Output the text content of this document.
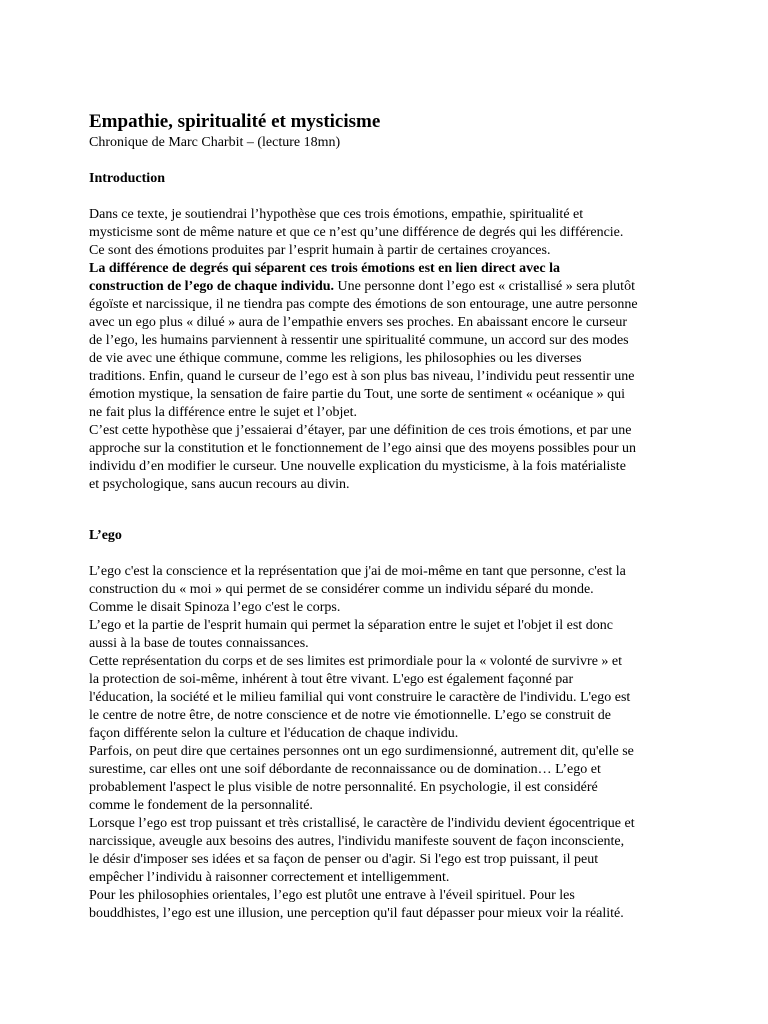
Empathie, spiritualité et mysticisme
Chronique de Marc Charbit – (lecture 18mn)
Introduction
Dans ce texte, je soutiendrai l’hypothèse que ces trois émotions, empathie, spiritualité et
mysticisme sont de même nature et que ce n’est qu’une différence de degrés qui les différencie.
Ce sont des émotions produites par l’esprit humain à partir de certaines croyances.
La différence de degrés qui séparent ces trois émotions est en lien direct avec la
construction de l’ego de chaque individu. Une personne dont l’ego est « cristallisé » sera plutôt
égoïste et narcissique, il ne tiendra pas compte des émotions de son entourage, une autre personne
avec un ego plus « dilué » aura de l’empathie envers ses proches. En abaissant encore le curseur
de l’ego, les humains parviennent à ressentir une spiritualité commune, un accord sur des modes
de vie avec une éthique commune, comme les religions, les philosophies ou les diverses
traditions. Enfin, quand le curseur de l’ego est à son plus bas niveau, l’individu peut ressentir une
émotion mystique, la sensation de faire partie du Tout, une sorte de sentiment « océanique » qui
ne fait plus la différence entre le sujet et l’objet.
C’est cette hypothèse que j’essaierai d’étayer, par une définition de ces trois émotions, et par une
approche sur la constitution et le fonctionnement de l’ego ainsi que des moyens possibles pour un
individu d’en modifier le curseur. Une nouvelle explication du mysticisme, à la fois matérialiste
et psychologique, sans aucun recours au divin.
L’ego
L’ego c'est la conscience et la représentation que j'ai de moi-même en tant que personne, c'est la
construction du « moi » qui permet de se considérer comme un individu séparé du monde.
Comme le disait Spinoza l’ego c'est le corps.
L’ego et la partie de l'esprit humain qui permet la séparation entre le sujet et l'objet il est donc
aussi à la base de toutes connaissances.
Cette représentation du corps et de ses limites est primordiale pour la « volonté de survivre » et
la protection de soi-même, inhérent à tout être vivant. L'ego est également façonné par
l'éducation, la société et le milieu familial qui vont construire le caractère de l'individu. L'ego est
le centre de notre être, de notre conscience et de notre vie émotionnelle. L’ego se construit de
façon différente selon la culture et l'éducation de chaque individu.
Parfois, on peut dire que certaines personnes ont un ego surdimensionné, autrement dit, qu'elle se
surestime, car elles ont une soif débordante de reconnaissance ou de domination… L’ego et
probablement l'aspect le plus visible de notre personnalité. En psychologie, il est considéré
comme le fondement de la personnalité.
Lorsque l’ego est trop puissant et très cristallisé, le caractère de l'individu devient égocentrique et
narcissique, aveugle aux besoins des autres, l'individu manifeste souvent de façon inconsciente,
le désir d'imposer ses idées et sa façon de penser ou d'agir. Si l'ego est trop puissant, il peut
empêcher l’individu à raisonner correctement et intelligemment.
Pour les philosophies orientales, l’ego est plutôt une entrave à l'éveil spirituel. Pour les
bouddhistes, l’ego est une illusion, une perception qu'il faut dépasser pour mieux voir la réalité.
